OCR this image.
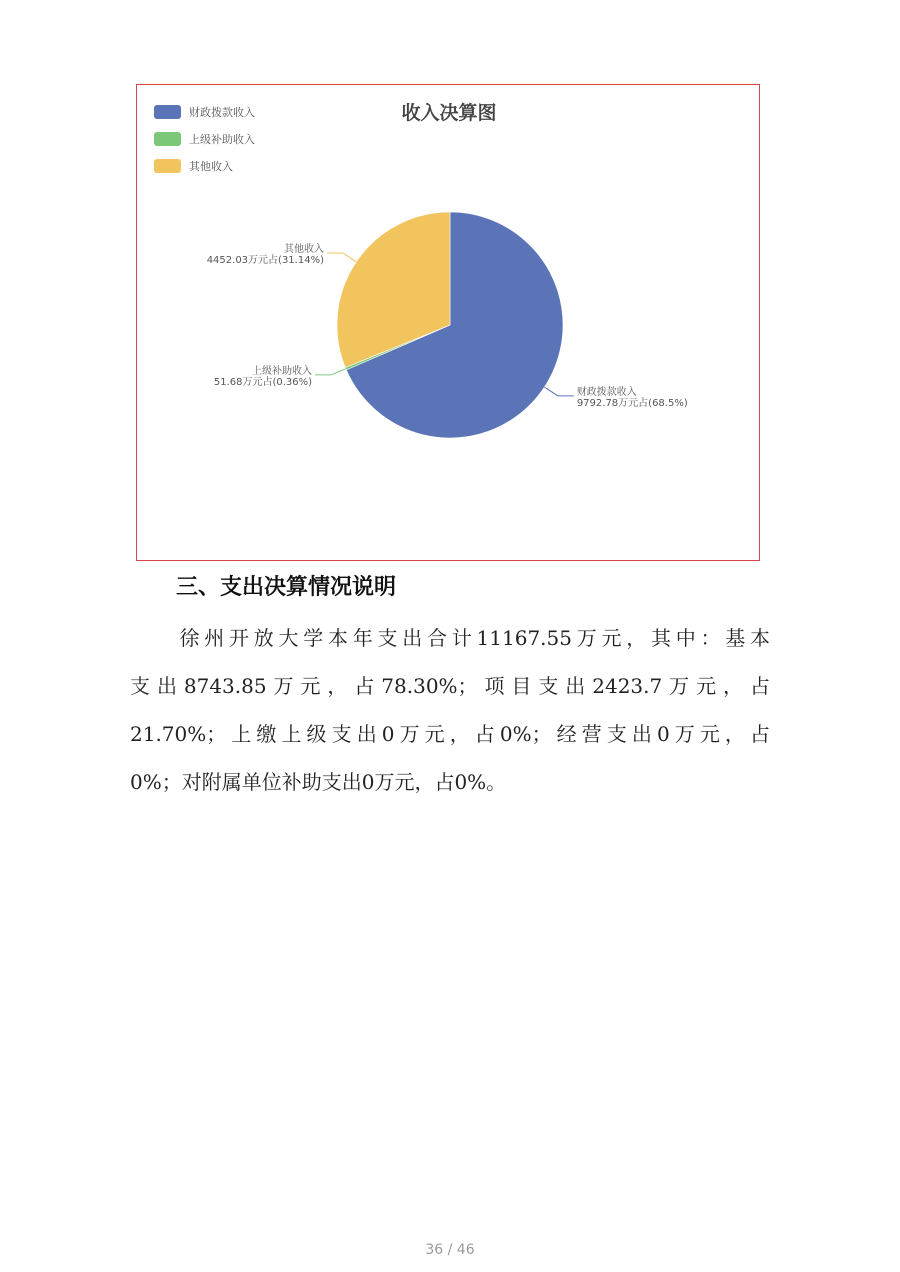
收入决算图
财政拨款收入
上级补助收入
其他收入
财政拨款收入
9792.78万元占(68.5%)
上级补助收入
51.68万元占(0.36%)
其他收入
4452.03万元占(31.14%)
三、支出决算情况说明
　　徐州开放大学本年支出合计11167.55万元，其中：基本
支出8743.85万元，占78.30%；项目支出2423.7万元，占
21.70%；上缴上级支出0万元，占0%；经营支出0万元，占
0%；对附属单位补助支出0万元，占0%。
36 / 46
